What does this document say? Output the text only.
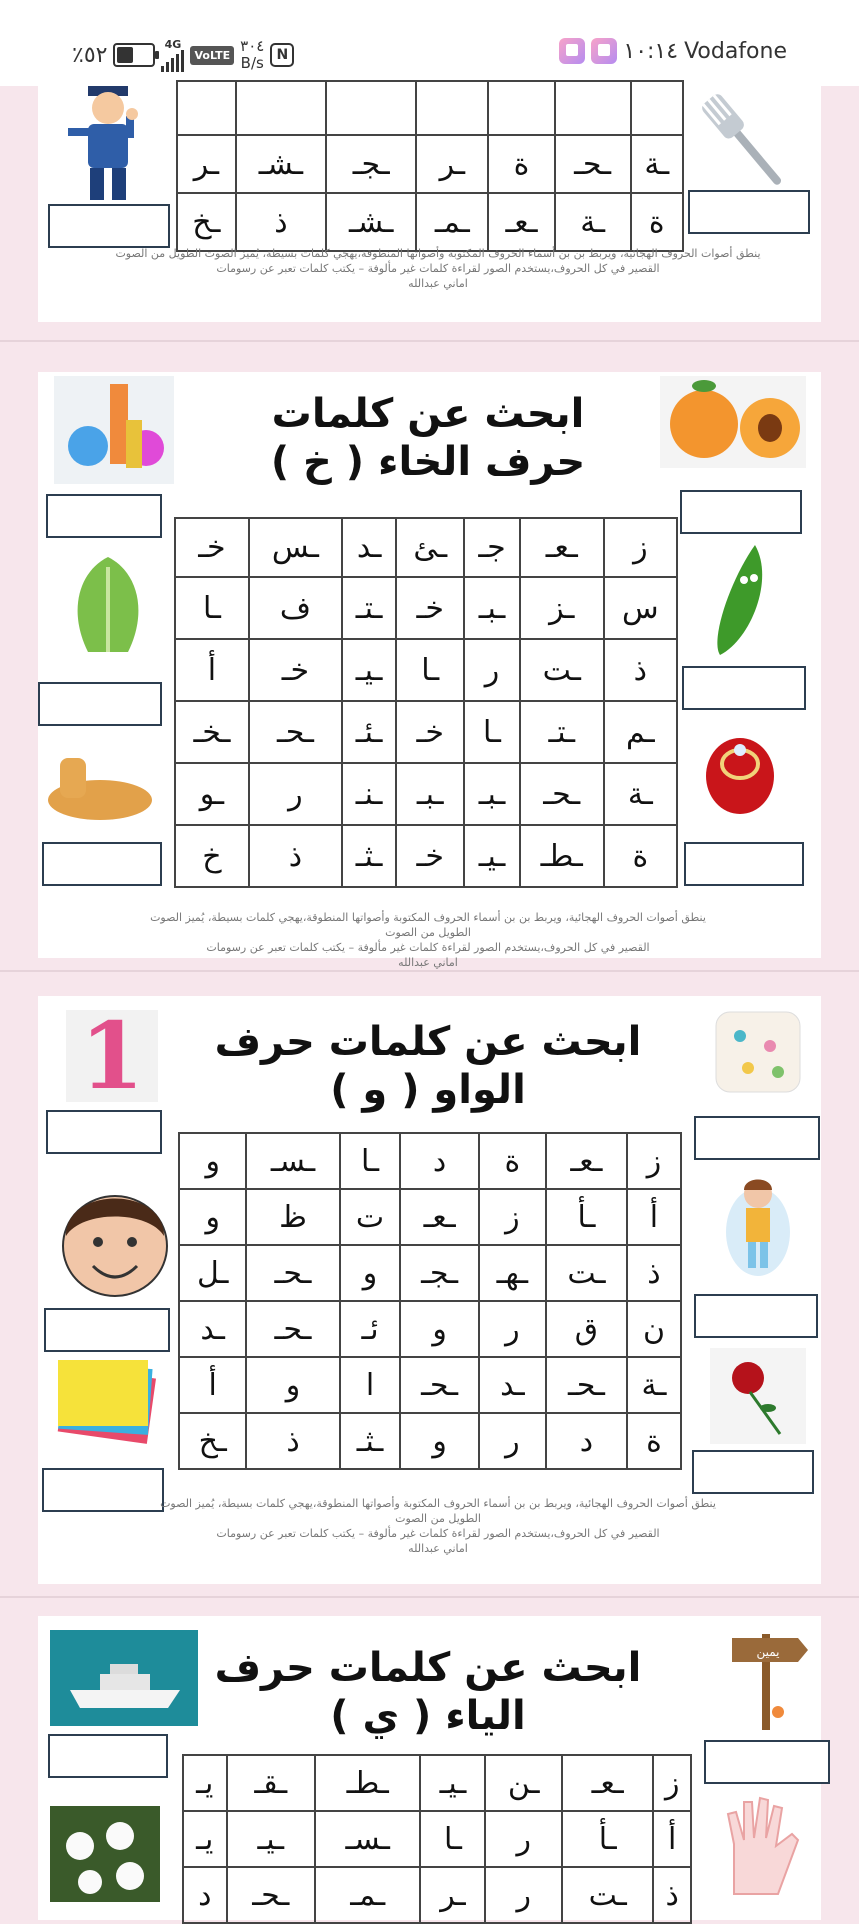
٪٥٢	4G
VoLTE ٣٠٤
B/s N	١٠:١٤ Vodafone

ـر	ـشـ	ـجـ	ـر	ة	ـحـ	ـة
ـخ	ذ	ـشـ	ـمـ	ـعـ	ـة	ة
ينطق أصوات الحروف الهجائية، ويربط بن بن أسماء الحروف المكتوبة وأصواتها المنطوقة،يهجي كلمات بسيطة، يُميز الصوت الطويل من الصوت
القصير في كل الحروف،يستخدم الصور لقراءة كلمات غير مألوفة – يكتب كلمات تعبر عن رسومات
اماني عبدالله
ابحث عن كلمات
حرف الخاء ( خ )
خـ	ـس	ـد	ـئ	جـ	ـعـ	ز
ـا	ف	ـتـ	خـ	ـبـ	ـز	س
أ	خـ	ـيـ	ـا	ر	ـت	ذ
ـخـ	ـحـ	ـئـ	خـ	ـا	ـتـ	ـم
ـو	ر	ـنـ	ـبـ	ـبـ	ـحـ	ـة
خ	ذ	ـثـ	خـ	ـيـ	ـطـ	ة
ينطق أصوات الحروف الهجائية، ويربط بن بن أسماء الحروف المكتوبة وأصواتها المنطوقة،يهجي كلمات بسيطة، يُميز الصوت الطويل من الصوت
القصير في كل الحروف،يستخدم الصور لقراءة كلمات غير مألوفة – يكتب كلمات تعبر عن رسومات
اماني عبدالله
ابحث عن كلمات حرف
الواو ( و )
و	ـسـ	ـا	د	ة	ـعـ	ز
و	ظ	ت	ـعـ	ز	ـأ	أ
ـل	ـحـ	و	ـجـ	ـهـ	ـت	ذ
ـد	ـحـ	ئـ	و	ر	ق	ن
أ	و	ا	ـحـ	ـد	ـحـ	ـة
ـخ	ذ	ـثـ	و	ر	د	ة
1
ينطق أصوات الحروف الهجائية، ويربط بن بن أسماء الحروف المكتوبة وأصواتها المنطوقة،يهجي كلمات بسيطة، يُميز الصوت الطويل من الصوت
القصير في كل الحروف،يستخدم الصور لقراءة كلمات غير مألوفة – يكتب كلمات تعبر عن رسومات
اماني عبدالله
ابحث عن كلمات حرف
الياء ( ي )
يـ	ـقـ	ـطـ	ـيـ	ـن	ـعـ	ز
يـ	ـيـ	ـسـ	ـا	ر	ـأ	أ
د	ـحـ	ـمـ	ـر	ر	ـت	ذ
يمين
